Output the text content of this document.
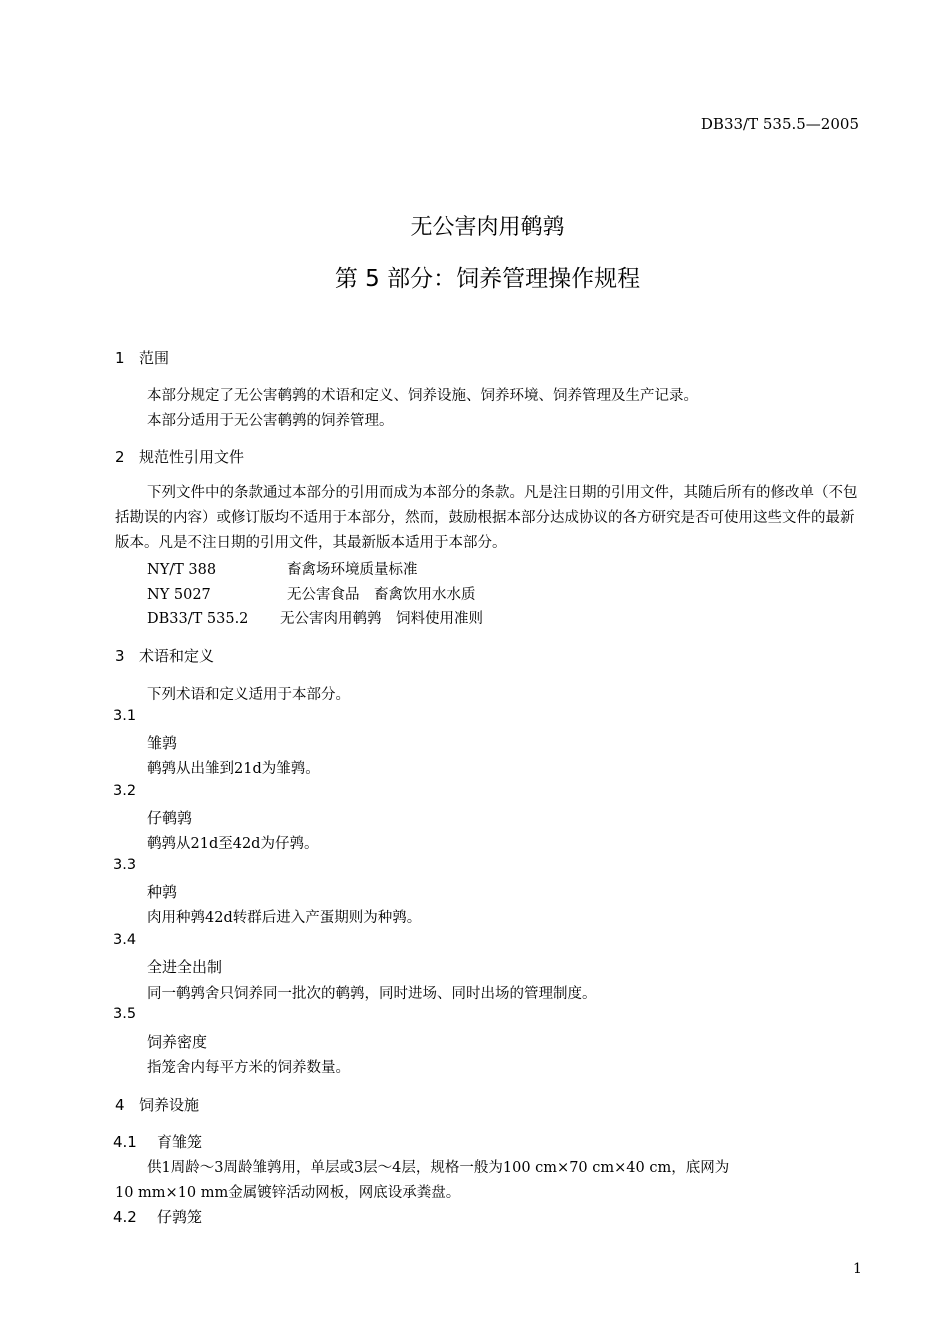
DB33/T 535.5—2005
无公害肉用鹌鹑
第 5 部分：饲养管理操作规程
1 范围
本部分规定了无公害鹌鹑的术语和定义、饲养设施、饲养环境、饲养管理及生产记录。
本部分适用于无公害鹌鹑的饲养管理。
2 规范性引用文件
下列文件中的条款通过本部分的引用而成为本部分的条款。凡是注日期的引用文件，其随后所有的修改单（不包括勘误的内容）或修订版均不适用于本部分，然而，鼓励根据本部分达成协议的各方研究是否可使用这些文件的最新版本。凡是不注日期的引用文件，其最新版本适用于本部分。
NY/T 388	畜禽场环境质量标准
NY 5027	无公害食品　畜禽饮用水水质
DB33/T 535.2 无公害肉用鹌鹑　饲料使用准则
3 术语和定义
下列术语和定义适用于本部分。
3.1
雏鹑
鹌鹑从出雏到21d为雏鹑。
3.2
仔鹌鹑
鹌鹑从21d至42d为仔鹑。
3.3
种鹑
肉用种鹑42d转群后进入产蛋期则为种鹑。
3.4
全进全出制
同一鹌鹑舍只饲养同一批次的鹌鹑，同时进场、同时出场的管理制度。
3.5
饲养密度
指笼舍内每平方米的饲养数量。
4 饲养设施
4.1 育雏笼
供1周龄～3周龄雏鹑用，单层或3层～4层，规格一般为100 cm×70 cm×40 cm，底网为
10 mm×10 mm金属镀锌活动网板，网底设承粪盘。
4.2 仔鹑笼
1
